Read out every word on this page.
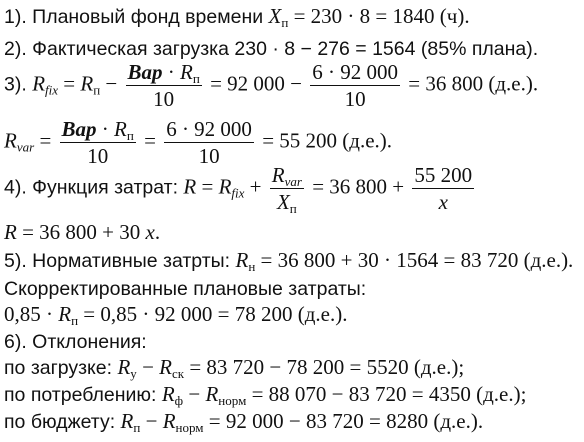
1). Плановый фонд времени $X_п = 230 \cdot 8 = 1840$ (ч).
2). Фактическая загрузка 230 · 8 − 276 = 1564 (85% плана).
3). $R_{fix} = R_п - \frac{Вар \cdot R_п}{10} = 92$ $000 - \frac{6 \cdot 92 000}{10} = 36$ 800 (д.е.).
$R_{var} = \frac{Вар \cdot R_п}{10} = \frac{6 \cdot 92 000}{10} = 55$ 200 (д.е.).
4). Функция затрат: $R = R_{fix} + \frac{R_{var}}{X_п} = 36$ $800 + \frac{55 200}{x}$
R = 36 800 + 30 x.
5). Нормативные затрты: $R_н = 36$ 800 + 30 · 1564 = 83 720 (д.е.).
Скорректированные плановые затраты:
$0,85 \cdot R_п = 0,85 \cdot 92$ 000 = 78 200 (д.е.).
6). Отклонения:
по загрузке: $R_у - R_{ск} = 83$ 720 − 78 200 = 5520 (д.е.);
по потреблению: $R_ф - R_{норм} = 88$ 070 − 83 720 = 4350 (д.е.);
по бюджету: $R_п - R_{норм} = 92$ 000 − 83 720 = 8280 (д.е.).
